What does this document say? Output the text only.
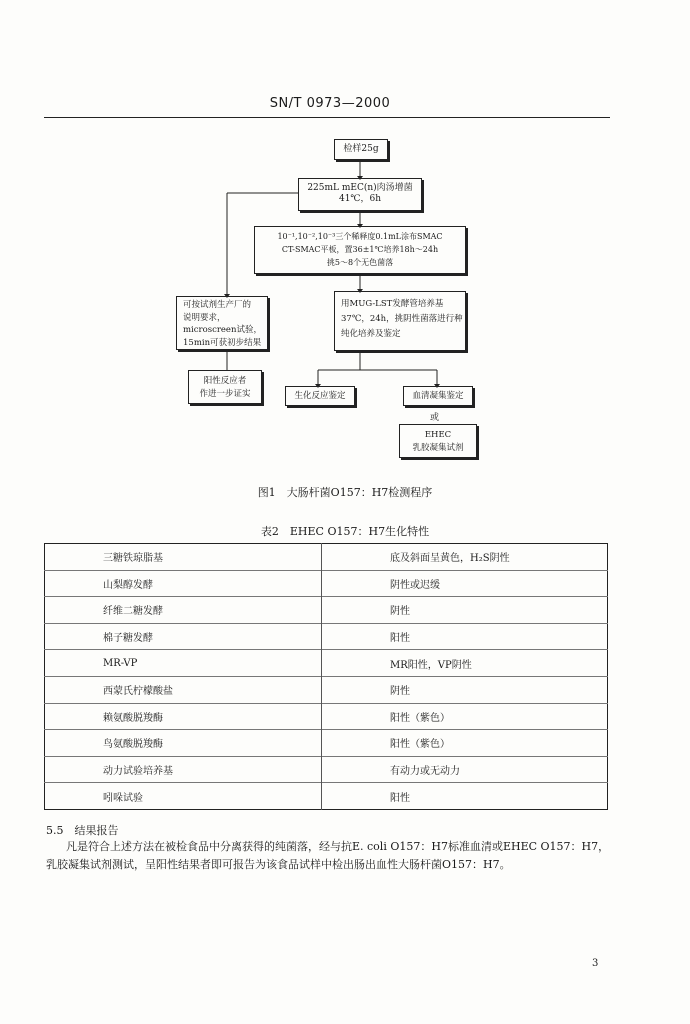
SN/T 0973—2000
检样25g
225mL mEC(n)肉汤增菌
41℃，6h
10⁻¹,10⁻²,10⁻³三个稀释度0.1mL涂布SMAC
CT-SMAC平板，置36±1℃培养18h～24h
挑5～8个无色菌落
可按试剂生产厂的
说明要求，
microscreen试验，
15min可获初步结果
用MUG-LST发酵管培养基
37℃，24h，挑阴性菌落进行种
纯化培养及鉴定
阳性反应者
作进一步证实	生化反应鉴定	血清凝集鉴定
或
EHEC
乳胶凝集试剂
图1　大肠杆菌O157：H7检测程序
表2　EHEC O157：H7生化特性
三糖铁琼脂基	底及斜面呈黄色，H₂S阴性
山梨醇发酵	阴性或迟缓
纤维二糖发酵	阴性
棉子糖发酵	阳性
MR-VP	MR阳性，VP阴性
西蒙氏柠檬酸盐	阴性
赖氨酸脱羧酶	阳性（紫色）
鸟氨酸脱羧酶	阳性（紫色）
动力试验培养基	有动力或无动力
吲哚试验	阳性
5.5　结果报告
凡是符合上述方法在被检食品中分离获得的纯菌落，经与抗E. coli O157：H7标准血清或EHEC O157：H7，乳胶凝集试剂测试，呈阳性结果者即可报告为该食品试样中检出肠出血性大肠杆菌O157：H7。
3
